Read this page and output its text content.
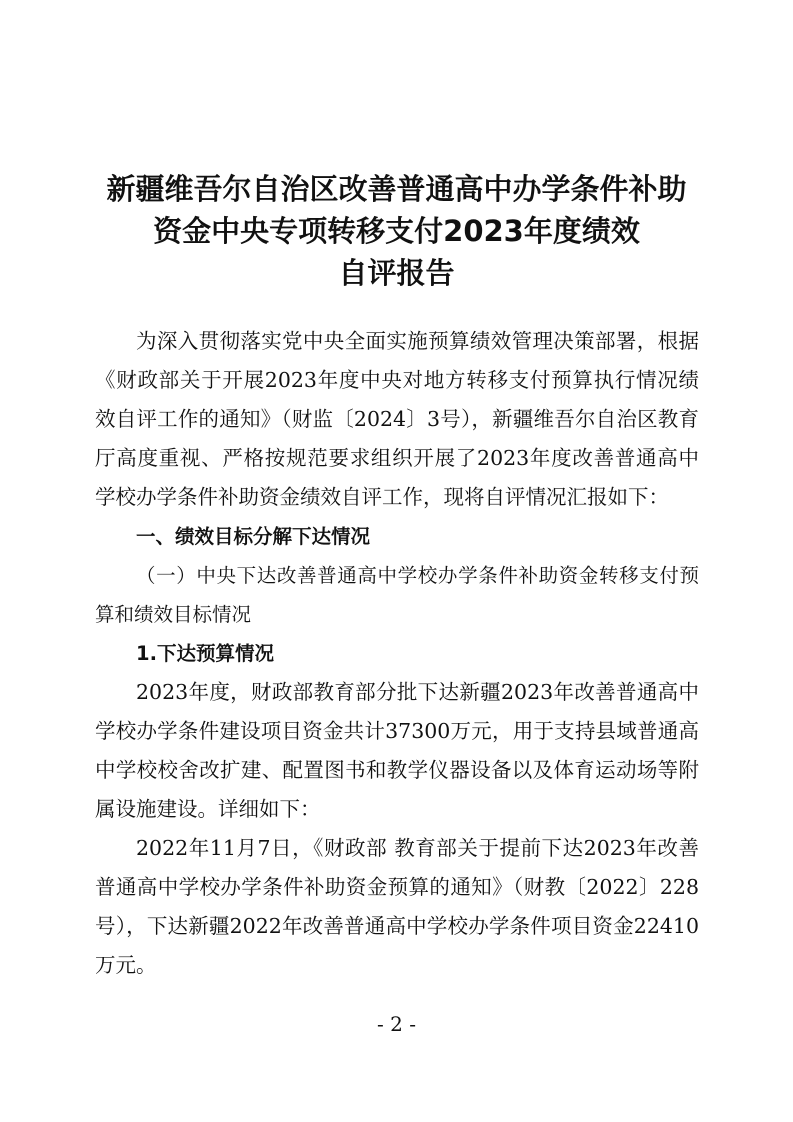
新疆维吾尔自治区改善普通高中办学条件补助
资金中央专项转移支付2023年度绩效
自评报告

为深入贯彻落实党中央全面实施预算绩效管理决策部署，根据《财政部关于开展2023年度中央对地方转移支付预算执行情况绩效自评工作的通知》（财监〔2024〕3号），新疆维吾尔自治区教育厅高度重视、严格按规范要求组织开展了2023年度改善普通高中学校办学条件补助资金绩效自评工作，现将自评情况汇报如下：

一、绩效目标分解下达情况

（一）中央下达改善普通高中学校办学条件补助资金转移支付预算和绩效目标情况

1.下达预算情况

2023年度，财政部教育部分批下达新疆2023年改善普通高中学校办学条件建设项目资金共计37300万元，用于支持县域普通高中学校校舍改扩建、配置图书和教学仪器设备以及体育运动场等附属设施建设。详细如下：

2022年11月7日，《财政部 教育部关于提前下达2023年改善普通高中学校办学条件补助资金预算的通知》（财教〔2022〕228号），下达新疆2022年改善普通高中学校办学条件项目资金22410万元。

- 2 -
